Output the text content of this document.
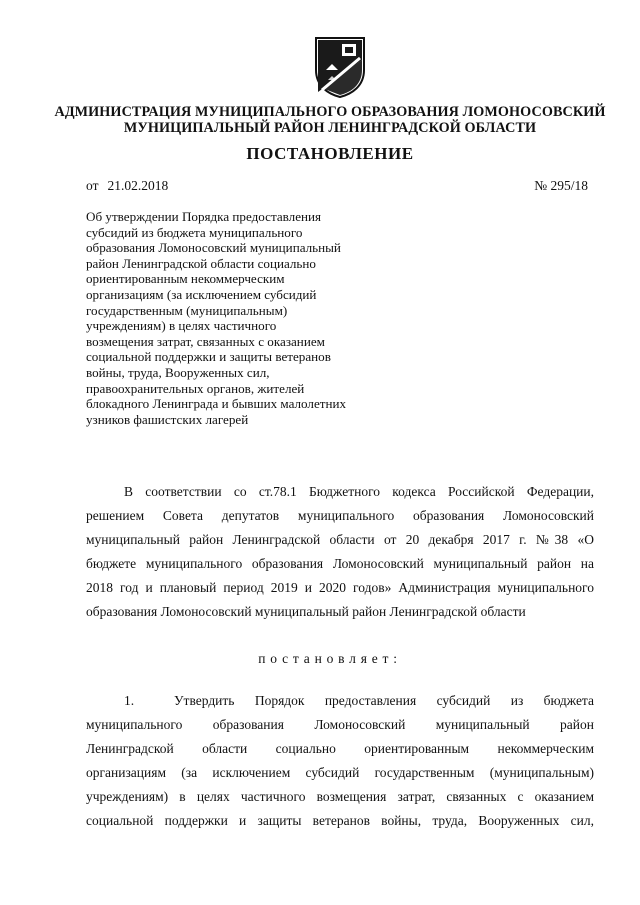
АДМИНИСТРАЦИЯ МУНИЦИПАЛЬНОГО ОБРАЗОВАНИЯ ЛОМОНОСОВСКИЙ
МУНИЦИПАЛЬНЫЙ РАЙОН ЛЕНИНГРАДСКОЙ ОБЛАСТИ
ПОСТАНОВЛЕНИЕ
от 21.02.2018	№ 295/18
Об утверждении Порядка предоставления
субсидий из бюджета муниципального
образования Ломоносовский муниципальный
район Ленинградской области социально
ориентированным некоммерческим
организациям (за исключением субсидий
государственным (муниципальным)
учреждениям) в целях частичного
возмещения затрат, связанных с оказанием
социальной поддержки и защиты ветеранов
войны, труда, Вооруженных сил,
правоохранительных органов, жителей
блокадного Ленинграда и бывших малолетних
узников фашистских лагерей
В соответствии со ст.78.1 Бюджетного кодекса Российской Федерации,
решением Совета депутатов муниципального образования Ломоносовский
муниципальный район Ленинградской области от 20 декабря 2017 г. №38 «О
бюджете муниципального образования Ломоносовский муниципальный район на
2018 год и плановый период 2019 и 2020 годов» Администрация муниципального
образования Ломоносовский муниципальный район Ленинградской области
постановляет:
1.	Утвердить Порядок предоставления субсидий из бюджета
муниципального образования Ломоносовский муниципальный район
Ленинградской области социально ориентированным некоммерческим
организациям (за исключением субсидий государственным (муниципальным)
учреждениям) в целях частичного возмещения затрат, связанных с оказанием
социальной поддержки и защиты ветеранов войны, труда, Вооруженных сил,
